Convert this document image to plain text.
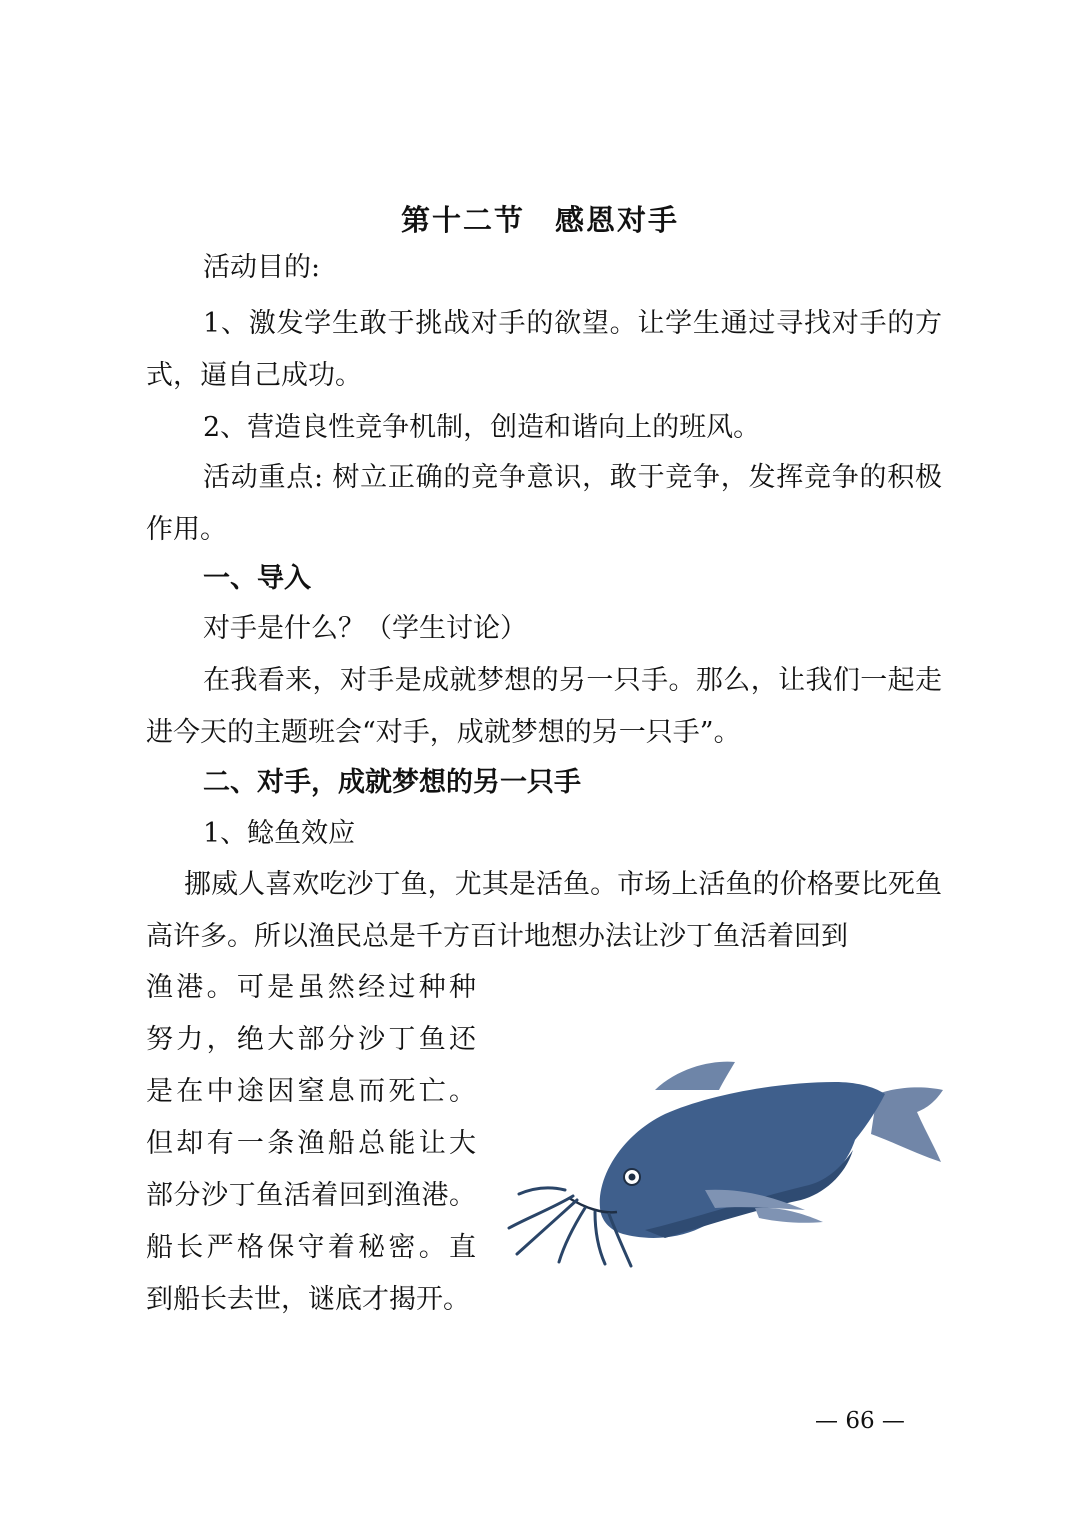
第十二节 感恩对手

活动目的:

1、激发学生敢于挑战对手的欲望。让学生通过寻找对手的方式，逼自己成功。

2、营造良性竞争机制，创造和谐向上的班风。

活动重点: 树立正确的竞争意识，敢于竞争，发挥竞争的积极作用。

一、导入

对手是什么？（学生讨论）

在我看来，对手是成就梦想的另一只手。那么，让我们一起走进今天的主题班会“对手，成就梦想的另一只手”。

二、对手，成就梦想的另一只手

1、鲶鱼效应

挪威人喜欢吃沙丁鱼，尤其是活鱼。市场上活鱼的价格要比死鱼高许多。所以渔民总是千方百计地想办法让沙丁鱼活着回到

渔港。可是虽然经过种种
努力，绝大部分沙丁鱼还
是在中途因窒息而死亡。
但却有一条渔船总能让大
部分沙丁鱼活着回到渔港。
船长严格保守着秘密。直
到船长去世，谜底才揭开。
— 66 —
